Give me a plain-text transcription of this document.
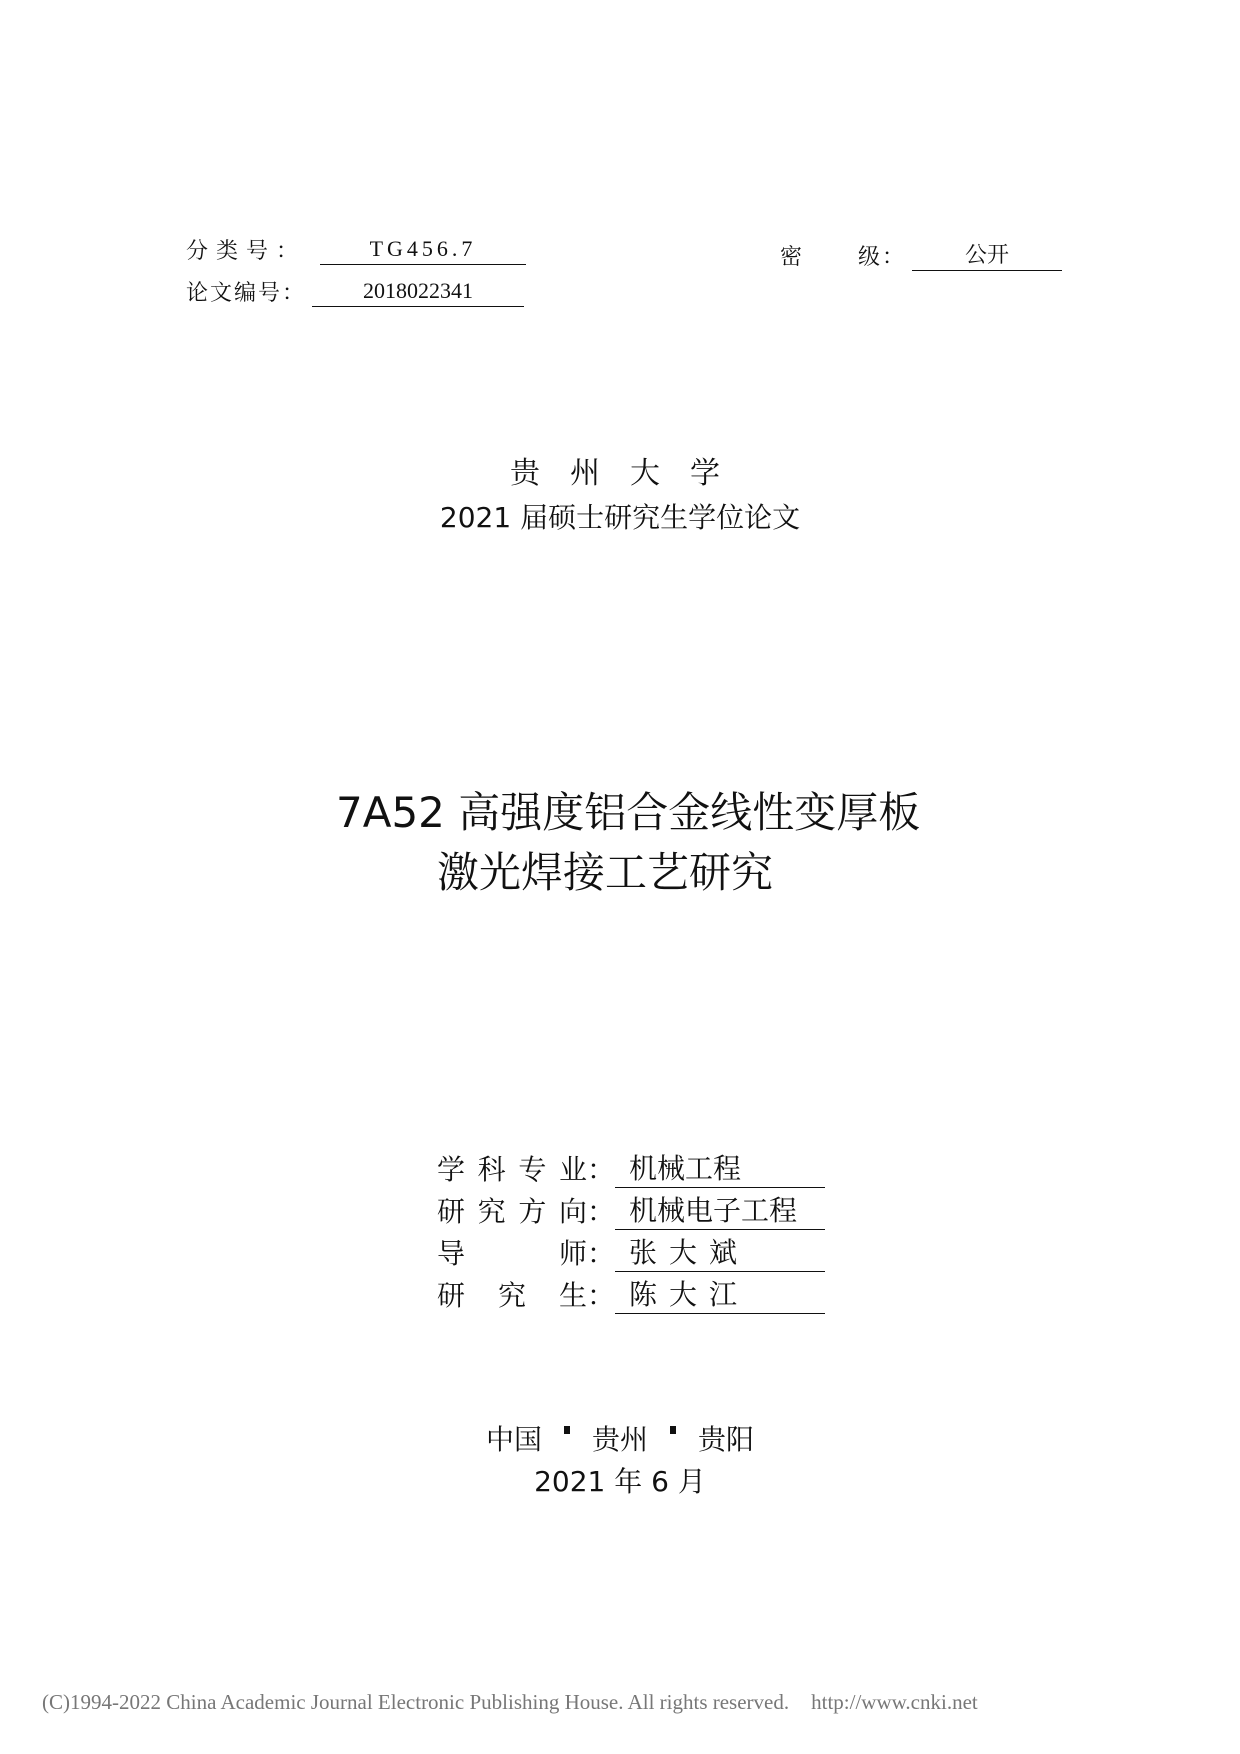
分类号：	TG456.7
论文编号：	2018022341
密 级：	公开
贵州大学
2021 届硕士研究生学位论文
7A52 高强度铝合金线性变厚板
激光焊接工艺研究
学科专业 ： 机械工程
研究方向 ： 机械电子工程
导师 ： 张大斌
研究生 ： 陈大江
中国 贵州 贵阳
2021 年 6 月
(C)1994-2022 China Academic Journal Electronic Publishing House. All rights reserved. http://www.cnki.net
